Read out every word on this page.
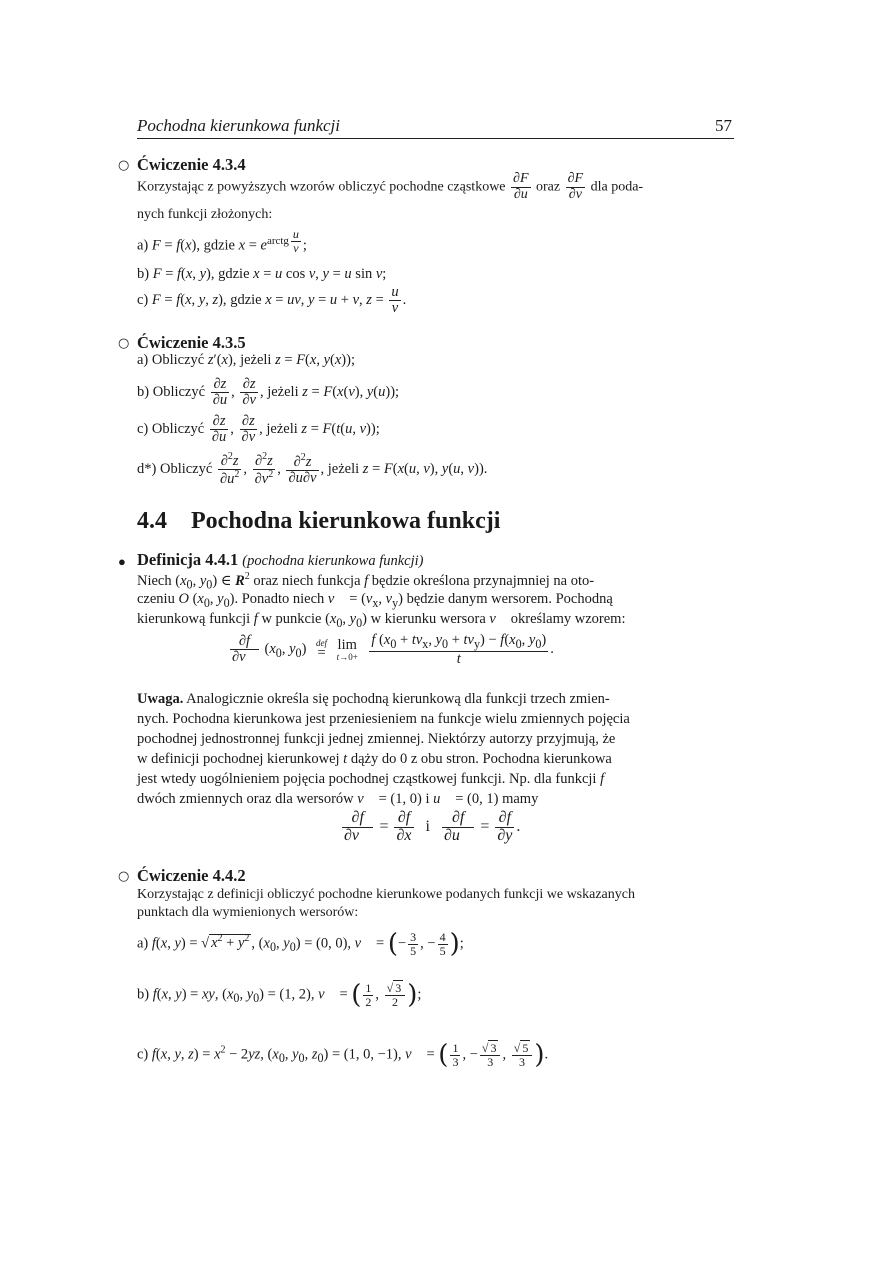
Pochodna kierunkowa funkcji	57
○ Ćwiczenie 4.3.4
Korzystając z powyższych wzorów obliczyć pochodne cząstkowe $\frac{\partial F}{\partial u}$ oraz $\frac{\partial F}{\partial v}$ dla poda-
nych funkcji złożonych:
a) F = f(x), gdzie $x = e^{arctg \frac{u}{v}}$ ;
b) F = f(x, y), gdzie x = u cos v, y = u sin v;
c) F = f(x, y, z), gdzie x = uv, y = u + v, $z = \frac{u}{v}$ .
○ Ćwiczenie 4.3.5
a) Obliczyć z′(x), jeżeli z = F(x, y(x));
b) Obliczyć $\frac{\partial z}{\partial u}$ , $\frac{\partial z}{\partial v}$ , jeżeli z = F(x(v), y(u));
c) Obliczyć $\frac{\partial z}{\partial u}$ , $\frac{\partial z}{\partial v}$ , jeżeli z = F(t(u, v));
d*) Obliczyć $\frac{\partial^2z}{\partial u^2}$ , $\frac{\partial^2z}{\partial v^2}$ , $\frac{\partial^2z}{\partial u\partial v}$ , jeżeli z = F(x(u, v), y(u, v)).
4.4 Pochodna kierunkowa funkcji
● Definicja 4.4.1 (pochodna kierunkowa funkcji)
Niech ($x_0$, $y_0$) ∈ $R^2$ oraz niech funkcja f będzie określona przynajmniej na oto-
czeniu O ($x_0$, $y_0$). Ponadto niech v⃗ = ($v_x$, $v_y$) będzie danym wersorem. Pochodną
kierunkową funkcji f w punkcie ($x_0$, $y_0$) w kierunku wersora v⃗ określamy wzorem:
$\frac{\partial f}{\partial v⃗} (x_0$, $y_0$) def
=

lim
t→0+
$\frac{f (x_0 + tv_x, y_0 + tv_y) - f(x_0, y_0)}{t}$ .
Uwaga. Analogicznie określa się pochodną kierunkową dla funkcji trzech zmien-
nych. Pochodna kierunkowa jest przeniesieniem na funkcje wielu zmiennych pojęcia
pochodnej jednostronnej funkcji jednej zmiennej. Niektórzy autorzy przyjmują, że
w definicji pochodnej kierunkowej t dąży do 0 z obu stron. Pochodna kierunkowa
jest wtedy uogólnieniem pojęcia pochodnej cząstkowej funkcji. Np. dla funkcji f
dwóch zmiennych oraz dla wersorów v⃗ = (1, 0) i u⃗ = (0, 1) mamy
$\frac{\partial f}{\partial v⃗} = \frac{\partial f}{\partial x}$ i $\frac{\partial f}{\partial u⃗} = \frac{\partial f}{\partial y}$ .
○ Ćwiczenie 4.4.2
Korzystając z definicji obliczyć pochodne kierunkowe podanych funkcji we wskazanych
punktach dla wymienionych wersorów:
a) f(x, y) = √ $x^2 + y^2$ , ($x_0$, $y_0) = (0$, 0), v⃗ = (− $\frac{3}{5}$ , − $\frac{4}{5}$ );
b) f(x, y) = xy, ($x_0$, $y_0) = (1$, 2), v⃗ = ( $\frac{1}{2}$ , $\frac{√ 3}{2}$ );
c) f(x, y, $z) = x^2 - 2yz$, ($x_0$, $y_0$, $z_0) = (1$, 0, −1), v⃗ = ( $\frac{1}{3}$ , − $\frac{√ 3}{3}$ , $\frac{√ 5}{3}$ ).
